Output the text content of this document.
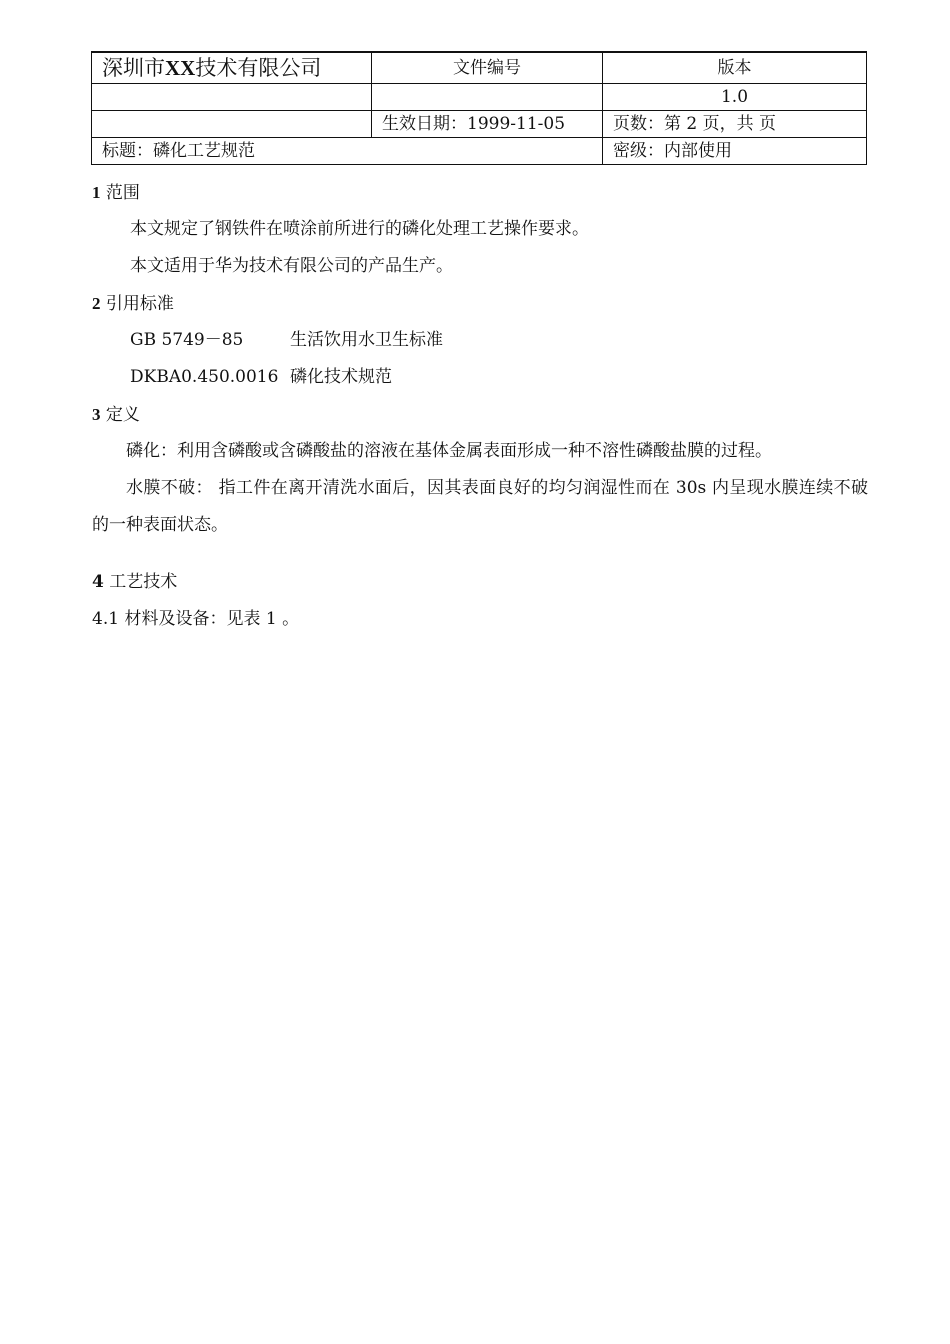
深圳市XX技术有限公司	文件编号	版本
		1.0
	生效日期：1999-11-05	页数：第 2 页，共 页
标题：磷化工艺规范		密级：内部使用
1 范围
本文规定了钢铁件在喷涂前所进行的磷化处理工艺操作要求。
本文适用于华为技术有限公司的产品生产。
2 引用标准
GB 5749－85	生活饮用水卫生标准
DKBA0.450.0016 磷化技术规范
3 定义

磷化：利用含磷酸或含磷酸盐的溶液在基体金属表面形成一种不溶性磷酸盐膜的过程。

水膜不破： 指工件在离开清洗水面后，因其表面良好的均匀润湿性而在 30s 内呈现水膜连续不破的一种表面状态。

4 工艺技术
4.1 材料及设备：见表 1 。
